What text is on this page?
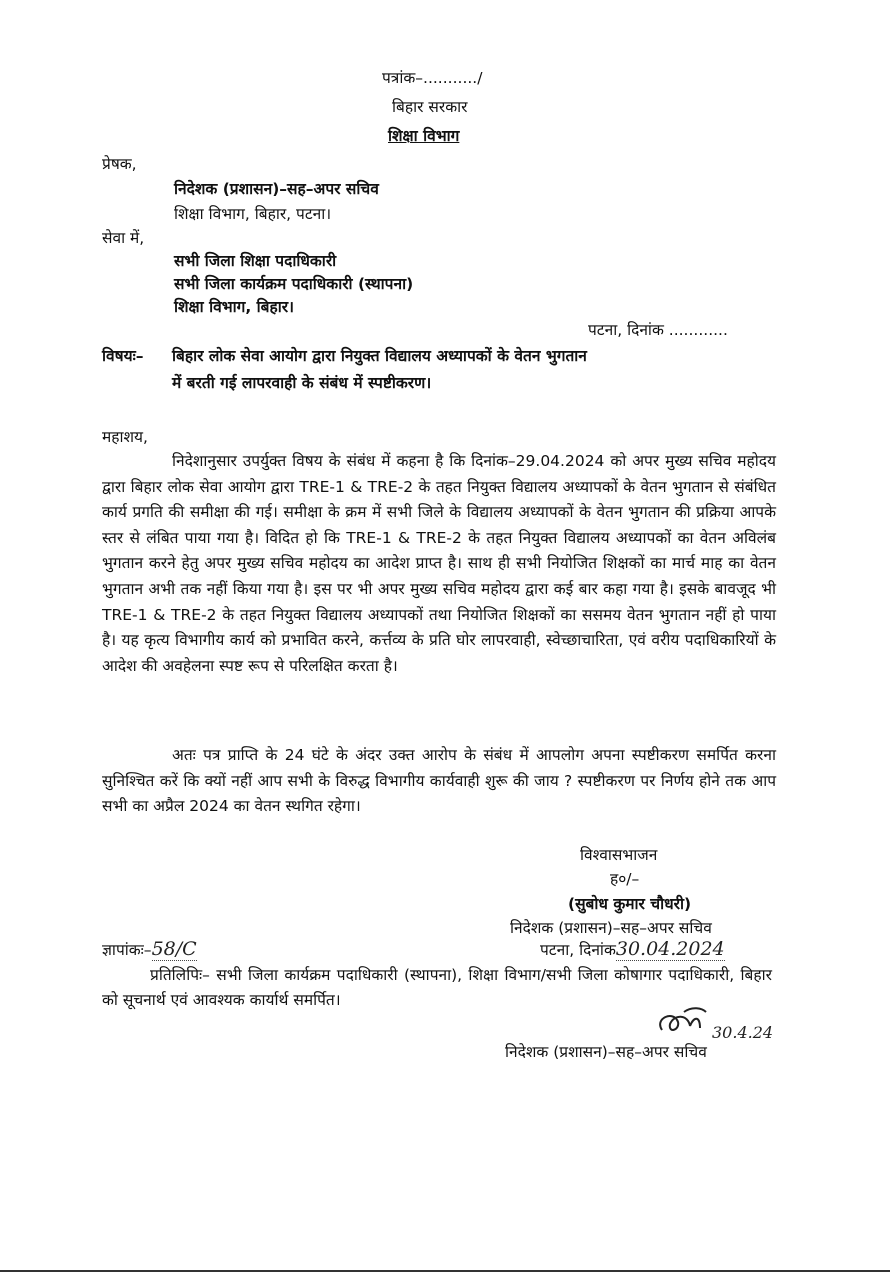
पत्रांक–.........../
बिहार सरकार
शिक्षा विभाग
प्रेषक,
निदेशक (प्रशासन)–सह–अपर सचिव
शिक्षा विभाग, बिहार, पटना।
सेवा में,
सभी जिला शिक्षा पदाधिकारी
सभी जिला कार्यक्रम पदाधिकारी (स्थापना)
शिक्षा विभाग, बिहार।
पटना, दिनांक ............
विषयः– बिहार लोक सेवा आयोग द्वारा नियुक्त विद्यालय अध्यापकों के वेतन भुगतान
में बरती गई लापरवाही के संबंध में स्पष्टीकरण।
महाशय,
निदेशानुसार उपर्युक्त विषय के संबंध में कहना है कि दिनांक–29.04.2024 को अपर मुख्य सचिव महोदय द्वारा बिहार लोक सेवा आयोग द्वारा TRE-1 & TRE-2 के तहत नियुक्त विद्यालय अध्यापकों के वेतन भुगतान से संबंधित कार्य प्रगति की समीक्षा की गई। समीक्षा के क्रम में सभी जिले के विद्यालय अध्यापकों के वेतन भुगतान की प्रक्रिया आपके स्तर से लंबित पाया गया है। विदित हो कि TRE-1 & TRE-2 के तहत नियुक्त विद्यालय अध्यापकों का वेतन अविलंब भुगतान करने हेतु अपर मुख्य सचिव महोदय का आदेश प्राप्त है। साथ ही सभी नियोजित शिक्षकों का मार्च माह का वेतन भुगतान अभी तक नहीं किया गया है। इस पर भी अपर मुख्य सचिव महोदय द्वारा कई बार कहा गया है। इसके बावजूद भी TRE-1 & TRE-2 के तहत नियुक्त विद्यालय अध्यापकों तथा नियोजित शिक्षकों का ससमय वेतन भुगतान नहीं हो पाया है। यह कृत्य विभागीय कार्य को प्रभावित करने, कर्त्तव्य के प्रति घोर लापरवाही, स्वेच्छाचारिता, एवं वरीय पदाधिकारियों के आदेश की अवहेलना स्पष्ट रूप से परिलक्षित करता है।
अतः पत्र प्राप्ति के 24 घंटे के अंदर उक्त आरोप के संबंध में आपलोग अपना स्पष्टीकरण समर्पित करना सुनिश्चित करें कि क्यों नहीं आप सभी के विरुद्ध विभागीय कार्यवाही शुरू की जाय ? स्पष्टीकरण पर निर्णय होने तक आप सभी का अप्रैल 2024 का वेतन स्थगित रहेगा।
विश्वासभाजन
ह०/–
(सुबोध कुमार चौधरी)
निदेशक (प्रशासन)–सह–अपर सचिव
ज्ञापांकः–58/C	पटना, दिनांक30.04.2024
प्रतिलिपिः– सभी जिला कार्यक्रम पदाधिकारी (स्थापना), शिक्षा विभाग/सभी जिला कोषागार पदाधिकारी, बिहार को सूचनार्थ एवं आवश्यक कार्यार्थ समर्पित।
30.4.24
निदेशक (प्रशासन)–सह–अपर सचिव
